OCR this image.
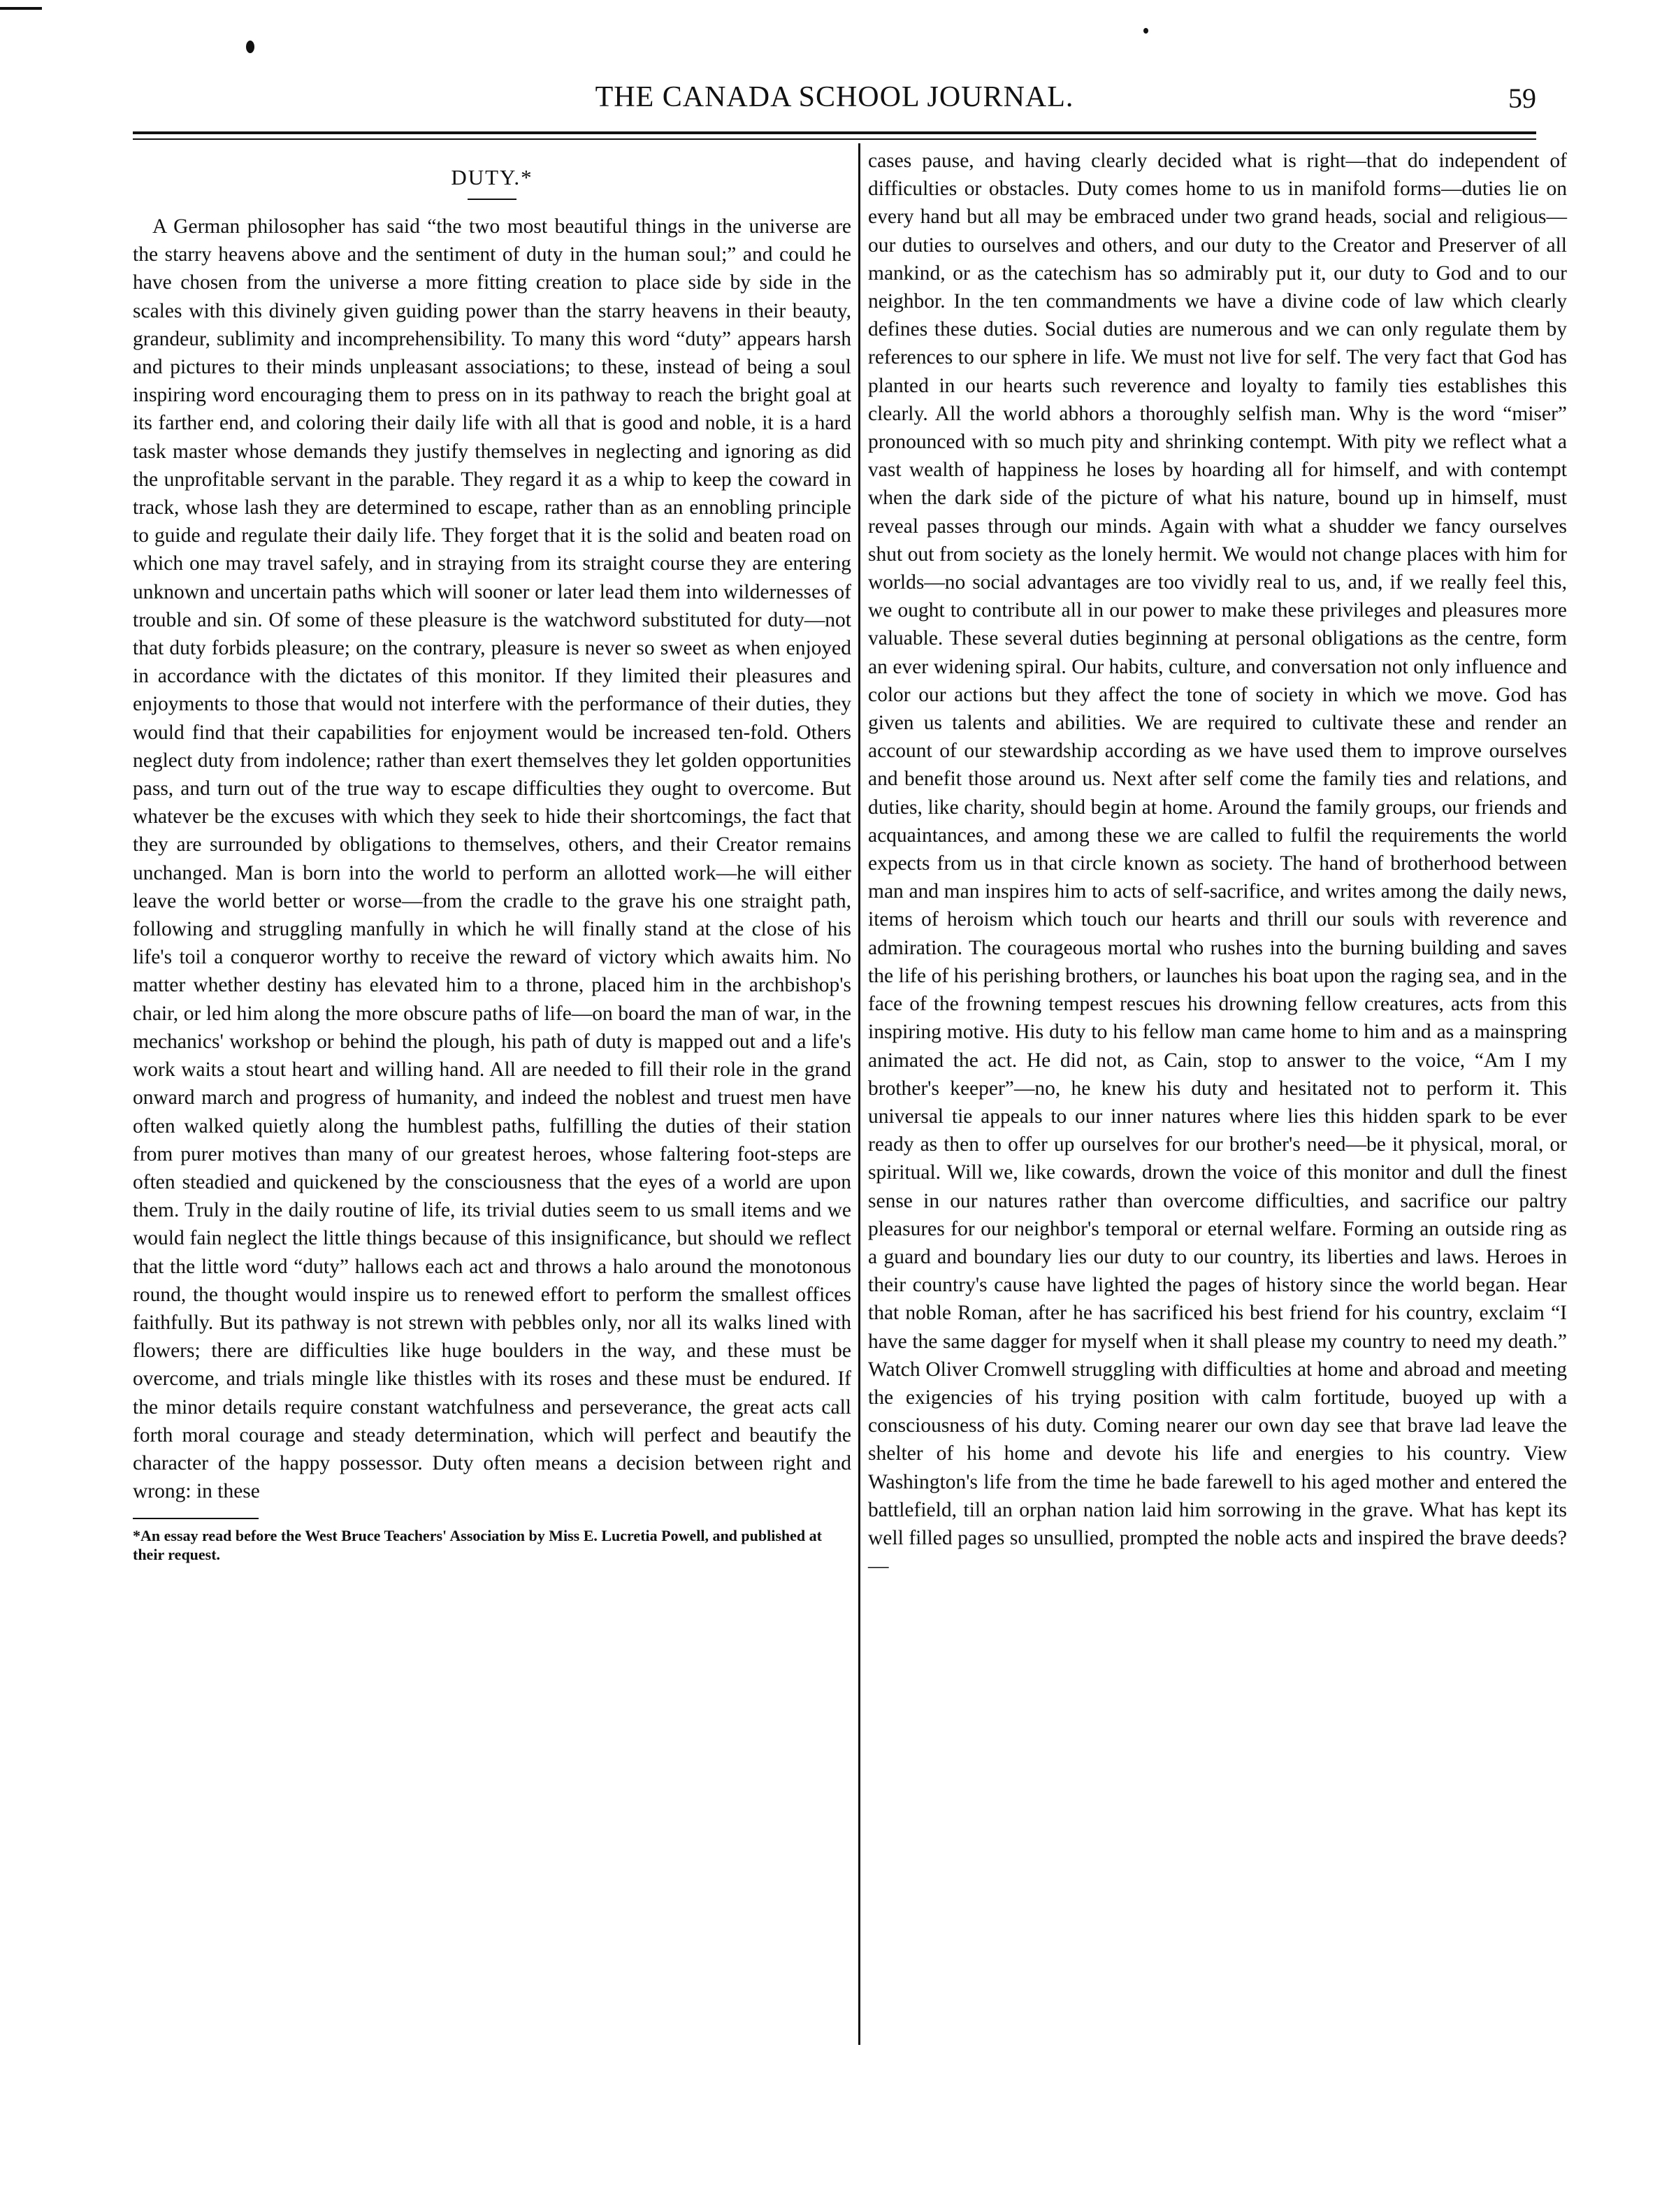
THE CANADA SCHOOL JOURNAL.	59
DUTY.*

A German philosopher has said “the two most beautiful things in the universe are the starry heavens above and the sentiment of duty in the human soul;” and could he have chosen from the universe a more fitting creation to place side by side in the scales with this divinely given guiding power than the starry heavens in their beauty, grandeur, sublimity and incomprehensibility. To many this word “duty” appears harsh and pictures to their minds unpleasant associations; to these, instead of being a soul inspiring word encouraging them to press on in its pathway to reach the bright goal at its farther end, and coloring their daily life with all that is good and noble, it is a hard task master whose demands they justify themselves in neglecting and ignoring as did the unprofitable servant in the parable. They regard it as a whip to keep the coward in track, whose lash they are determined to escape, rather than as an ennobling principle to guide and regulate their daily life. They forget that it is the solid and beaten road on which one may travel safely, and in straying from its straight course they are entering unknown and uncertain paths which will sooner or later lead them into wildernesses of trouble and sin. Of some of these pleasure is the watchword substituted for duty—not that duty forbids pleasure; on the contrary, pleasure is never so sweet as when enjoyed in accordance with the dictates of this monitor. If they limited their pleasures and enjoyments to those that would not interfere with the performance of their duties, they would find that their capabilities for enjoyment would be increased ten-fold. Others neglect duty from indolence; rather than exert themselves they let golden opportunities pass, and turn out of the true way to escape difficulties they ought to overcome. But whatever be the excuses with which they seek to hide their shortcomings, the fact that they are surrounded by obligations to themselves, others, and their Creator remains unchanged. Man is born into the world to perform an allotted work—he will either leave the world better or worse—from the cradle to the grave his one straight path, following and struggling manfully in which he will finally stand at the close of his life's toil a conqueror worthy to receive the reward of victory which awaits him. No matter whether destiny has elevated him to a throne, placed him in the archbishop's chair, or led him along the more obscure paths of life—on board the man of war, in the mechanics' workshop or behind the plough, his path of duty is mapped out and a life's work waits a stout heart and willing hand. All are needed to fill their role in the grand onward march and progress of humanity, and indeed the noblest and truest men have often walked quietly along the humblest paths, fulfilling the duties of their station from purer motives than many of our greatest heroes, whose faltering foot-steps are often steadied and quickened by the consciousness that the eyes of a world are upon them. Truly in the daily routine of life, its trivial duties seem to us small items and we would fain neglect the little things because of this insignificance, but should we reflect that the little word “duty” hallows each act and throws a halo around the monotonous round, the thought would inspire us to renewed effort to perform the smallest offices faithfully. But its pathway is not strewn with pebbles only, nor all its walks lined with flowers; there are difficulties like huge boulders in the way, and these must be overcome, and trials mingle like thistles with its roses and these must be endured. If the minor details require constant watchfulness and perseverance, the great acts call forth moral courage and steady determination, which will perfect and beautify the character of the happy possessor. Duty often means a decision between right and wrong: in these

*An essay read before the West Bruce Teachers' Association by Miss E. Lucretia Powell, and published at their request.

cases pause, and having clearly decided what is right—that do independent of difficulties or obstacles. Duty comes home to us in manifold forms—duties lie on every hand but all may be embraced under two grand heads, social and religious—our duties to ourselves and others, and our duty to the Creator and Preserver of all mankind, or as the catechism has so admirably put it, our duty to God and to our neighbor. In the ten commandments we have a divine code of law which clearly defines these duties. Social duties are numerous and we can only regulate them by references to our sphere in life. We must not live for self. The very fact that God has planted in our hearts such reverence and loyalty to family ties establishes this clearly. All the world abhors a thoroughly selfish man. Why is the word “miser” pronounced with so much pity and shrinking contempt. With pity we reflect what a vast wealth of happiness he loses by hoarding all for himself, and with contempt when the dark side of the picture of what his nature, bound up in himself, must reveal passes through our minds. Again with what a shudder we fancy ourselves shut out from society as the lonely hermit. We would not change places with him for worlds—no social advantages are too vividly real to us, and, if we really feel this, we ought to contribute all in our power to make these privileges and pleasures more valuable. These several duties beginning at personal obligations as the centre, form an ever widening spiral. Our habits, culture, and conversation not only influence and color our actions but they affect the tone of society in which we move. God has given us talents and abilities. We are required to cultivate these and render an account of our stewardship according as we have used them to improve ourselves and benefit those around us. Next after self come the family ties and relations, and duties, like charity, should begin at home. Around the family groups, our friends and acquaintances, and among these we are called to fulfil the requirements the world expects from us in that circle known as society. The hand of brotherhood between man and man inspires him to acts of self-sacrifice, and writes among the daily news, items of heroism which touch our hearts and thrill our souls with reverence and admiration. The courageous mortal who rushes into the burning building and saves the life of his perishing brothers, or launches his boat upon the raging sea, and in the face of the frowning tempest rescues his drowning fellow creatures, acts from this inspiring motive. His duty to his fellow man came home to him and as a mainspring animated the act. He did not, as Cain, stop to answer to the voice, “Am I my brother's keeper”—no, he knew his duty and hesitated not to perform it. This universal tie appeals to our inner natures where lies this hidden spark to be ever ready as then to offer up ourselves for our brother's need—be it physical, moral, or spiritual. Will we, like cowards, drown the voice of this monitor and dull the finest sense in our natures rather than overcome difficulties, and sacrifice our paltry pleasures for our neighbor's temporal or eternal welfare. Forming an outside ring as a guard and boundary lies our duty to our country, its liberties and laws. Heroes in their country's cause have lighted the pages of history since the world began. Hear that noble Roman, after he has sacrificed his best friend for his country, exclaim “I have the same dagger for myself when it shall please my country to need my death.” Watch Oliver Cromwell struggling with difficulties at home and abroad and meeting the exigencies of his trying position with calm fortitude, buoyed up with a consciousness of his duty. Coming nearer our own day see that brave lad leave the shelter of his home and devote his life and energies to his country. View Washington's life from the time he bade farewell to his aged mother and entered the battlefield, till an orphan nation laid him sorrowing in the grave. What has kept its well filled pages so unsullied, prompted the noble acts and inspired the brave deeds?—
